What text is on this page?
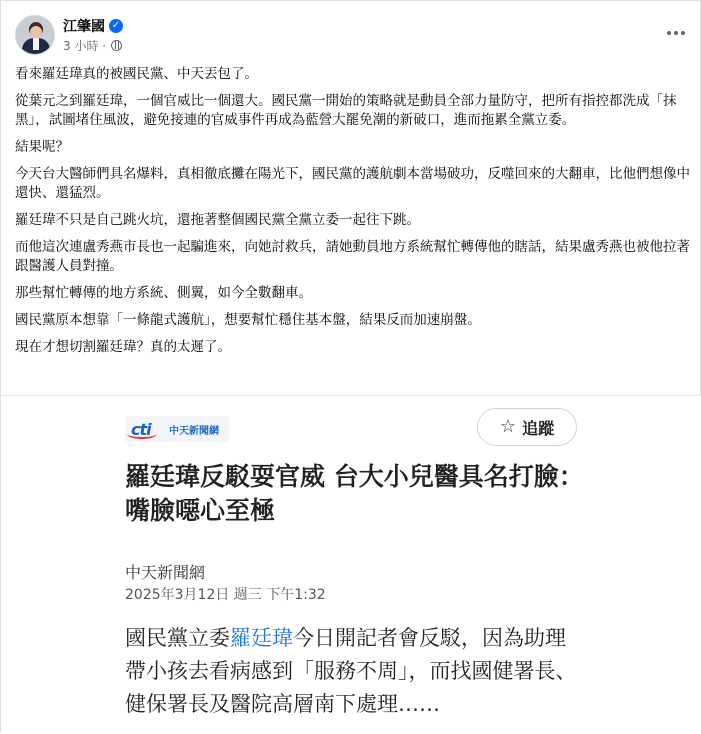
江肇國 ✓
3 小時 ·

看來羅廷瑋真的被國民黨、中天丟包了。

從葉元之到羅廷瑋，一個官威比一個還大。國民黨一開始的策略就是動員全部力量防守，把所有指控都洗成「抹黑」，試圖堵住風波，避免接連的官威事件再成為藍營大罷免潮的新破口，進而拖累全黨立委。

結果呢？

今天台大醫師們具名爆料，真相徹底攤在陽光下，國民黨的護航劇本當場破功，反噬回來的大翻車，比他們想像中還快、還猛烈。

羅廷瑋不只是自己跳火坑，還拖著整個國民黨全黨立委一起往下跳。

而他這次連盧秀燕市長也一起騙進來，向她討救兵，請她動員地方系統幫忙轉傳他的瞎話，結果盧秀燕也被他拉著跟醫護人員對撞。

那些幫忙轉傳的地方系統、側翼，如今全數翻車。

國民黨原本想靠「一條龍式護航」，想要幫忙穩住基本盤，結果反而加速崩盤。

現在才想切割羅廷瑋？真的太遲了。

cti 中天新聞網	☆ 追蹤
羅廷瑋反駁耍官威 台大小兒醫具名打臉：嘴臉噁心至極
中天新聞網
2025年3月12日 週三 下午1:32
國民黨立委羅廷瑋今日開記者會反駁，因為助理帶小孩去看病感到「服務不周」，而找國健署長、健保署長及醫院高層南下處理……
